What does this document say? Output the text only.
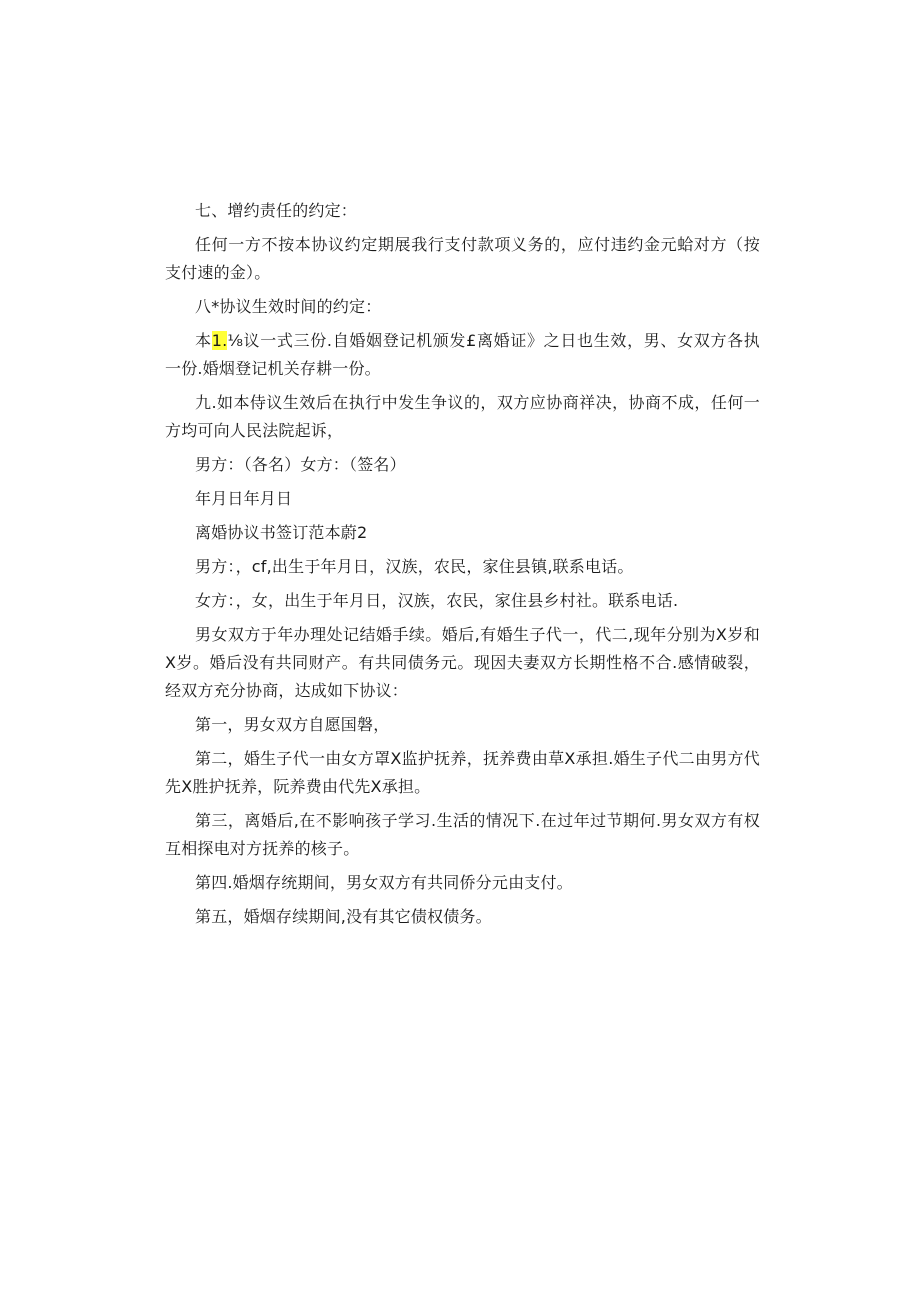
七、增约责任的约定：

任何一方不按本协议约定期展我行支付款项义务的，应付违约金元蛤对方（按支付速的金）。

八*协议生效时间的约定：

本1.⅛议一式三份.自婚姻登记机颁发£离婚证》之日也生效，男、女双方各执一份.婚烟登记机关存耕一份。

九.如本侍议生效后在执行中发生争议的，双方应协商祥决，协商不成，任何一方均可向人民法院起诉，

男方：（各名）女方：（签名）

年月日年月日

离婚协议书签订范本蔚2

男方：，cf,出生于年月日，汉族，农民，家住县镇,联系电话。

女方：，女，出生于年月日，汉族，农民，家住县乡村社。联系电话.

男女双方于年办理处记结婚手续。婚后,有婚生子代一，代二,现年分别为X岁和X岁。婚后没有共同财产。有共同债务元。现因夫妻双方长期性格不合.感情破裂，经双方充分协商，达成如下协议：

第一，男女双方自愿国磐，

第二，婚生子代一由女方罩X监护抚养，抚养费由草X承担.婚生子代二由男方代先X胜护抚养，阮养费由代先X承担。

第三，离婚后,在不影响孩子学习.生活的情况下.在过年过节期何.男女双方有权互相探电对方抚养的核子。

第四.婚烟存统期间，男女双方有共同侨分元由支付。

第五，婚烟存续期间,没有其它债权债务。
